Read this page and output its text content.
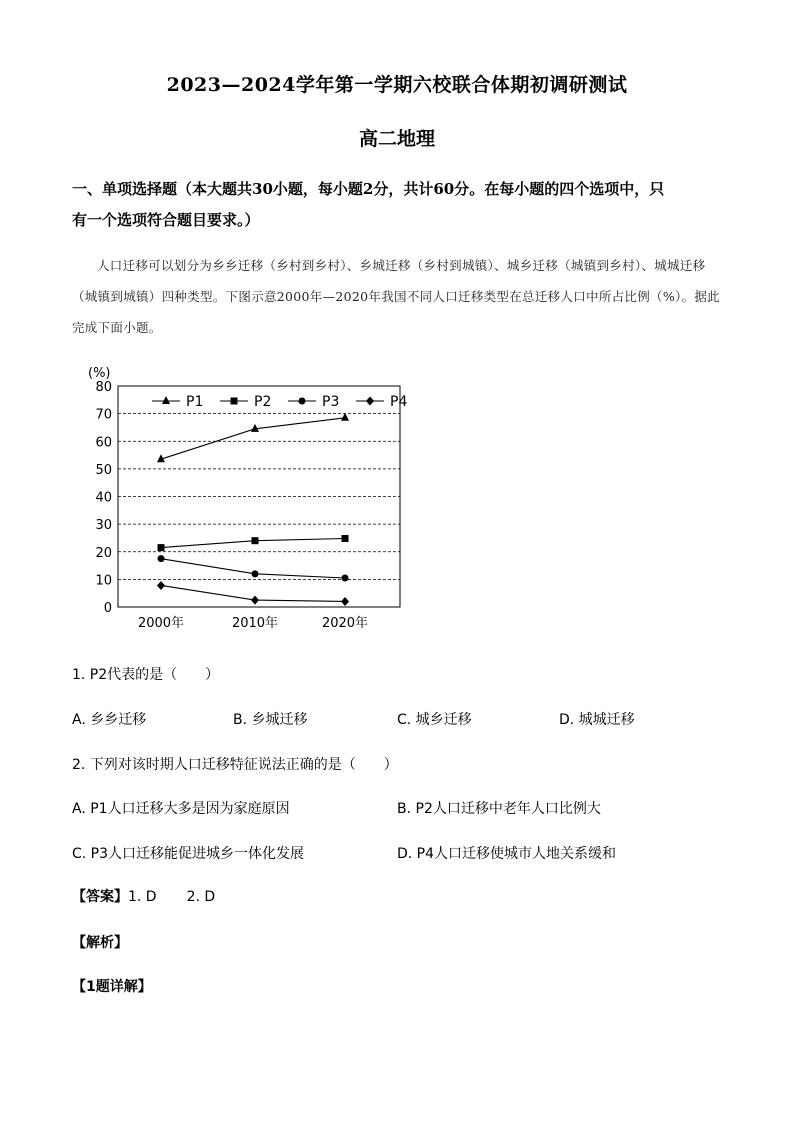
2023—2024学年第一学期六校联合体期初调研测试
高二地理
一、单项选择题（本大题共30小题，每小题2分，共计60分。在每小题的四个选项中，只
有一个选项符合题目要求。）
人口迁移可以划分为乡乡迁移（乡村到乡村）、乡城迁移（乡村到城镇）、城乡迁移（城镇到乡村）、城城迁移（城镇到城镇）四种类型。下图示意2000年—2020年我国不同人口迁移类型在总迁移人口中所占比例（%）。据此完成下面小题。
0
10
20
30
40
50
60
70
80
(%)
2000年	2010年	2020年
P1	P2	P3	P4
1. P2代表的是（　　）
A. 乡乡迁移	B. 乡城迁移	C. 城乡迁移	D. 城城迁移
2. 下列对该时期人口迁移特征说法正确的是（　　）
A. P1人口迁移大多是因为家庭原因	B. P2人口迁移中老年人口比例大
C. P3人口迁移能促进城乡一体化发展	D. P4人口迁移使城市人地关系缓和
【答案】1. D 2. D
【解析】
【1题详解】
